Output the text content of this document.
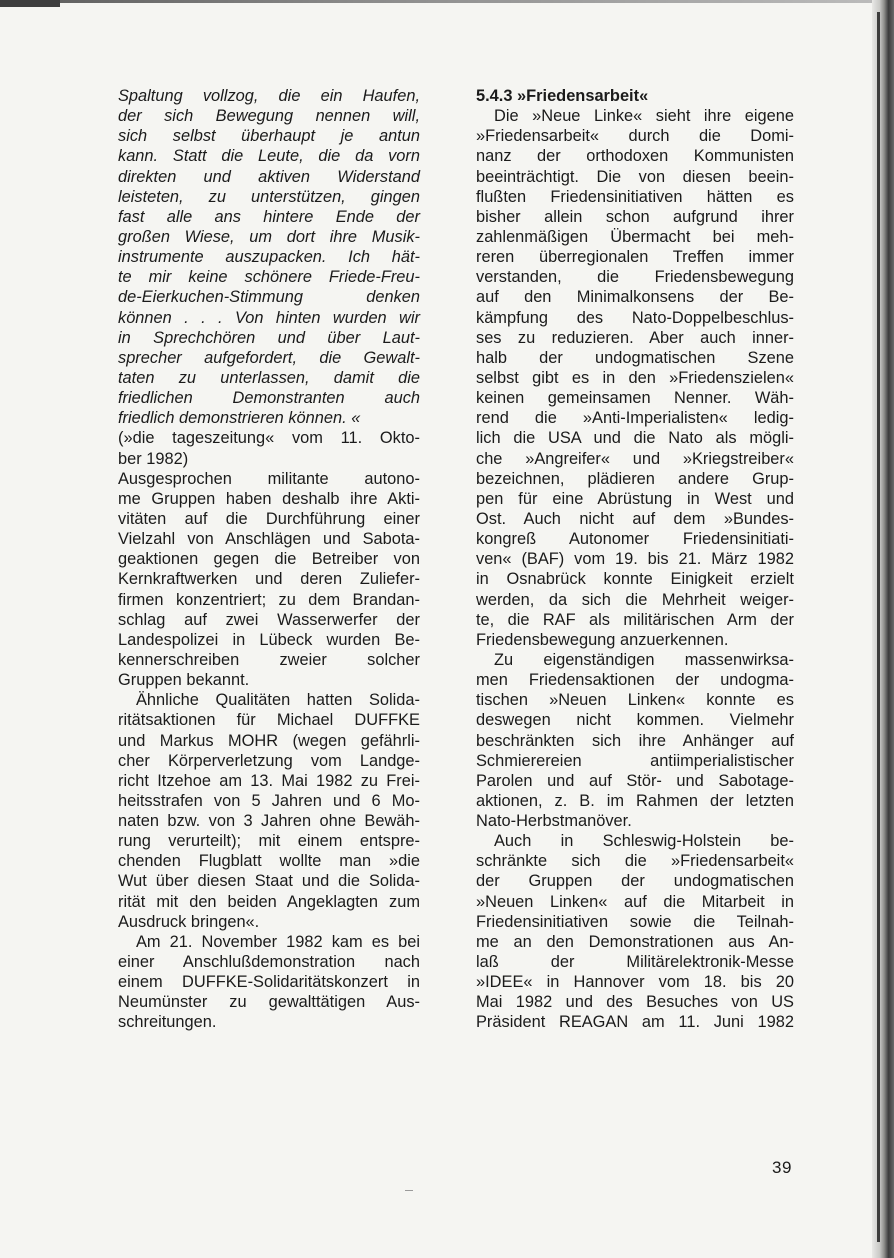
Spaltung vollzog, die ein Haufen,
der sich Bewegung nennen will,
sich selbst überhaupt je antun
kann. Statt die Leute, die da vorn
direkten und aktiven Widerstand
leisteten, zu unterstützen, gingen
fast alle ans hintere Ende der
großen Wiese, um dort ihre Musik-
instrumente auszupacken. Ich hät-
te mir keine schönere Friede-Freu-
de-Eierkuchen-Stimmung denken
können . . . Von hinten wurden wir
in Sprechchören und über Laut-
sprecher aufgefordert, die Gewalt-
taten zu unterlassen, damit die
friedlichen Demonstranten auch
friedlich demonstrieren können. «
(»die tageszeitung« vom 11. Okto-
ber 1982)
Ausgesprochen militante autono-
me Gruppen haben deshalb ihre Akti-
vitäten auf die Durchführung einer
Vielzahl von Anschlägen und Sabota-
geaktionen gegen die Betreiber von
Kernkraftwerken und deren Zuliefer-
firmen konzentriert; zu dem Brandan-
schlag auf zwei Wasserwerfer der
Landespolizei in Lübeck wurden Be-
kennerschreiben zweier solcher
Gruppen bekannt.
Ähnliche Qualitäten hatten Solida-
ritätsaktionen für Michael DUFFKE
und Markus MOHR (wegen gefährli-
cher Körperverletzung vom Landge-
richt Itzehoe am 13. Mai 1982 zu Frei-
heitsstrafen von 5 Jahren und 6 Mo-
naten bzw. von 3 Jahren ohne Bewäh-
rung verurteilt); mit einem entspre-
chenden Flugblatt wollte man »die
Wut über diesen Staat und die Solida-
rität mit den beiden Angeklagten zum
Ausdruck bringen«.
Am 21. November 1982 kam es bei
einer Anschlußdemonstration nach
einem DUFFKE-Solidaritätskonzert in
Neumünster zu gewalttätigen Aus-
schreitungen.
5.4.3 »Friedensarbeit«
Die »Neue Linke« sieht ihre eigene
»Friedensarbeit« durch die Domi-
nanz der orthodoxen Kommunisten
beeinträchtigt. Die von diesen beein-
flußten Friedensinitiativen hätten es
bisher allein schon aufgrund ihrer
zahlenmäßigen Übermacht bei meh-
reren überregionalen Treffen immer
verstanden, die Friedensbewegung
auf den Minimalkonsens der Be-
kämpfung des Nato-Doppelbeschlus-
ses zu reduzieren. Aber auch inner-
halb der undogmatischen Szene
selbst gibt es in den »Friedenszielen«
keinen gemeinsamen Nenner. Wäh-
rend die »Anti-Imperialisten« ledig-
lich die USA und die Nato als mögli-
che »Angreifer« und »Kriegstreiber«
bezeichnen, plädieren andere Grup-
pen für eine Abrüstung in West und
Ost. Auch nicht auf dem »Bundes-
kongreß Autonomer Friedensinitiati-
ven« (BAF) vom 19. bis 21. März 1982
in Osnabrück konnte Einigkeit erzielt
werden, da sich die Mehrheit weiger-
te, die RAF als militärischen Arm der
Friedensbewegung anzuerkennen.
Zu eigenständigen massenwirksa-
men Friedensaktionen der undogma-
tischen »Neuen Linken« konnte es
deswegen nicht kommen. Vielmehr
beschränkten sich ihre Anhänger auf
Schmierereien antiimperialistischer
Parolen und auf Stör- und Sabotage-
aktionen, z. B. im Rahmen der letzten
Nato-Herbstmanöver.
Auch in Schleswig-Holstein be-
schränkte sich die »Friedensarbeit«
der Gruppen der undogmatischen
»Neuen Linken« auf die Mitarbeit in
Friedensinitiativen sowie die Teilnah-
me an den Demonstrationen aus An-
laß der Militärelektronik-Messe
»IDEE« in Hannover vom 18. bis 20
Mai 1982 und des Besuches von US
Präsident REAGAN am 11. Juni 1982
39
